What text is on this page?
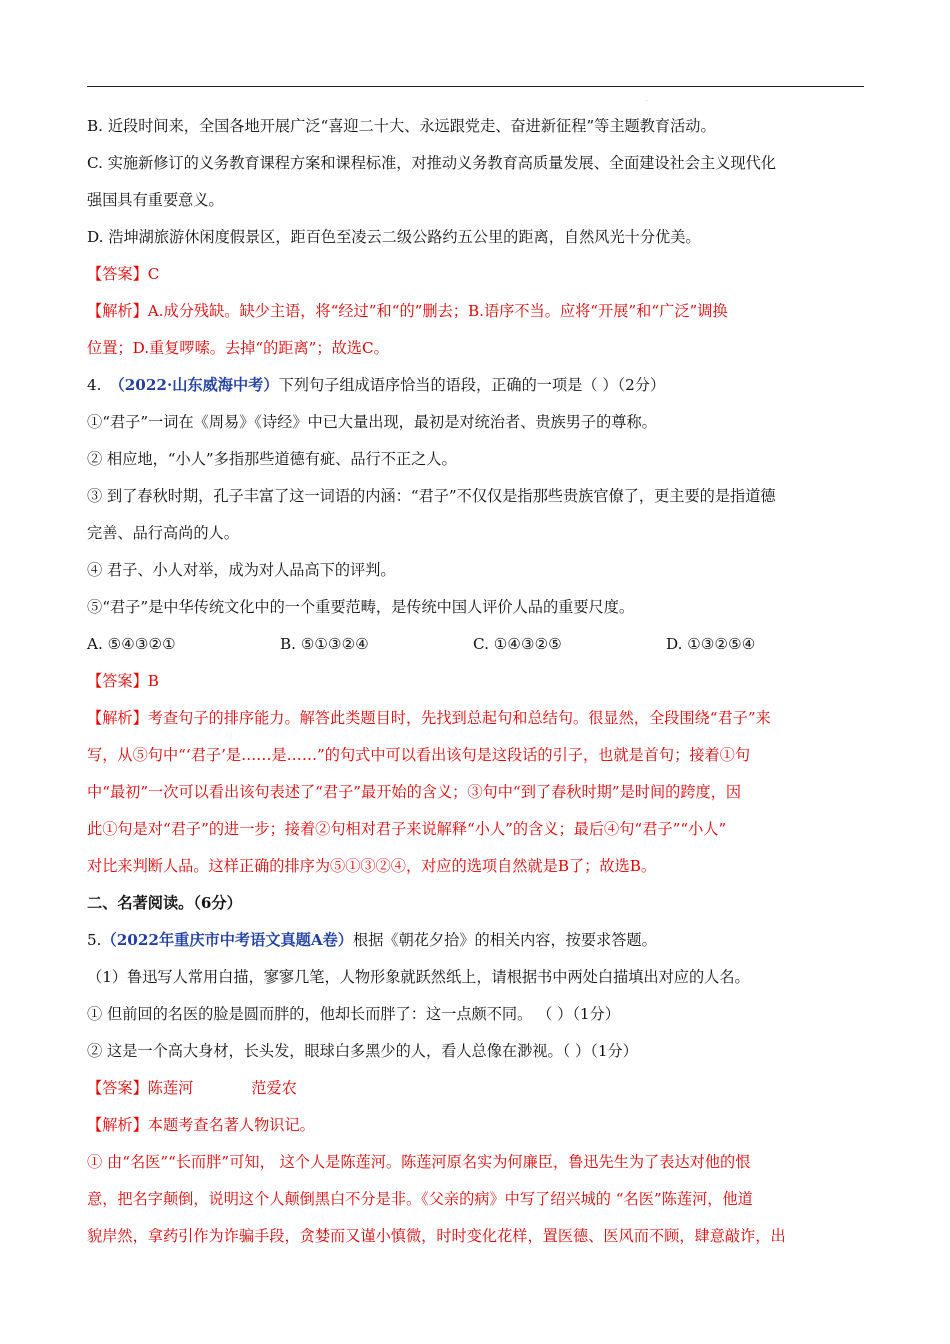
.
B. 近段时间来，全国各地开展广泛“喜迎二十大、永远跟党走、奋进新征程”等主题教育活动。
C. 实施新修订的义务教育课程方案和课程标准，对推动义务教育高质量发展、全面建设社会主义现代化
强国具有重要意义。
D. 浩坤湖旅游休闲度假景区，距百色至凌云二级公路约五公里的距离，自然风光十分优美。
【答案】C
【解析】A.成分残缺。缺少主语，将“经过”和“的”删去；B.语序不当。应将“开展”和“广泛”调换
位置；D.重复啰嗦。去掉“的距离”；故选C。
4. （2022·山东威海中考）下列句子组成语序恰当的语段，正确的一项是（ ）（2分）
①“君子”一词在《周易》《诗经》中已大量出现，最初是对统治者、贵族男子的尊称。
② 相应地，“小人”多指那些道德有疵、品行不正之人。
③ 到了春秋时期，孔子丰富了这一词语的内涵：“君子”不仅仅是指那些贵族官僚了，更主要的是指道德
完善、品行高尚的人。
④ 君子、小人对举，成为对人品高下的评判。
⑤“君子”是中华传统文化中的一个重要范畴，是传统中国人评价人品的重要尺度。
A. ⑤④③②①	B. ⑤①③②④	C. ①④③②⑤	D. ①③②⑤④
【答案】B
【解析】考查句子的排序能力。解答此类题目时，先找到总起句和总结句。很显然，全段围绕“君子”来
写，从⑤句中“‘君子’是……是……”的句式中可以看出该句是这段话的引子，也就是首句；接着①句
中“最初”一次可以看出该句表述了“君子”最开始的含义；③句中“到了春秋时期”是时间的跨度，因
此①句是对“君子”的进一步；接着②句相对君子来说解释“小人”的含义；最后④句“君子”“小人”
对比来判断人品。这样正确的排序为⑤①③②④，对应的选项自然就是B了；故选B。
二、名著阅读。（6分）
5.（2022年重庆市中考语文真题A卷）根据《朝花夕拾》的相关内容，按要求答题。
（1）鲁迅写人常用白描，寥寥几笔，人物形象就跃然纸上，请根据书中两处白描填出对应的人名。
① 但前回的名医的脸是圆而胖的，他却长而胖了：这一点颇不同。 （ ）（1分）
② 这是一个高大身材，长头发，眼球白多黑少的人，看人总像在渺视。（ ）（1分）
【答案】陈莲河            范爱农
【解析】本题考查名著人物识记。
① 由“名医”“长而胖”可知， 这个人是陈莲河。陈莲河原名实为何廉臣，鲁迅先生为了表达对他的恨
意，把名字颠倒，说明这个人颠倒黑白不分是非。《父亲的病》中写了绍兴城的 “名医”陈莲河，他道
貌岸然，拿药引作为诈骗手段，贪婪而又谨小慎微，时时变化花样，置医德、医风而不顾，肆意敲诈，出
